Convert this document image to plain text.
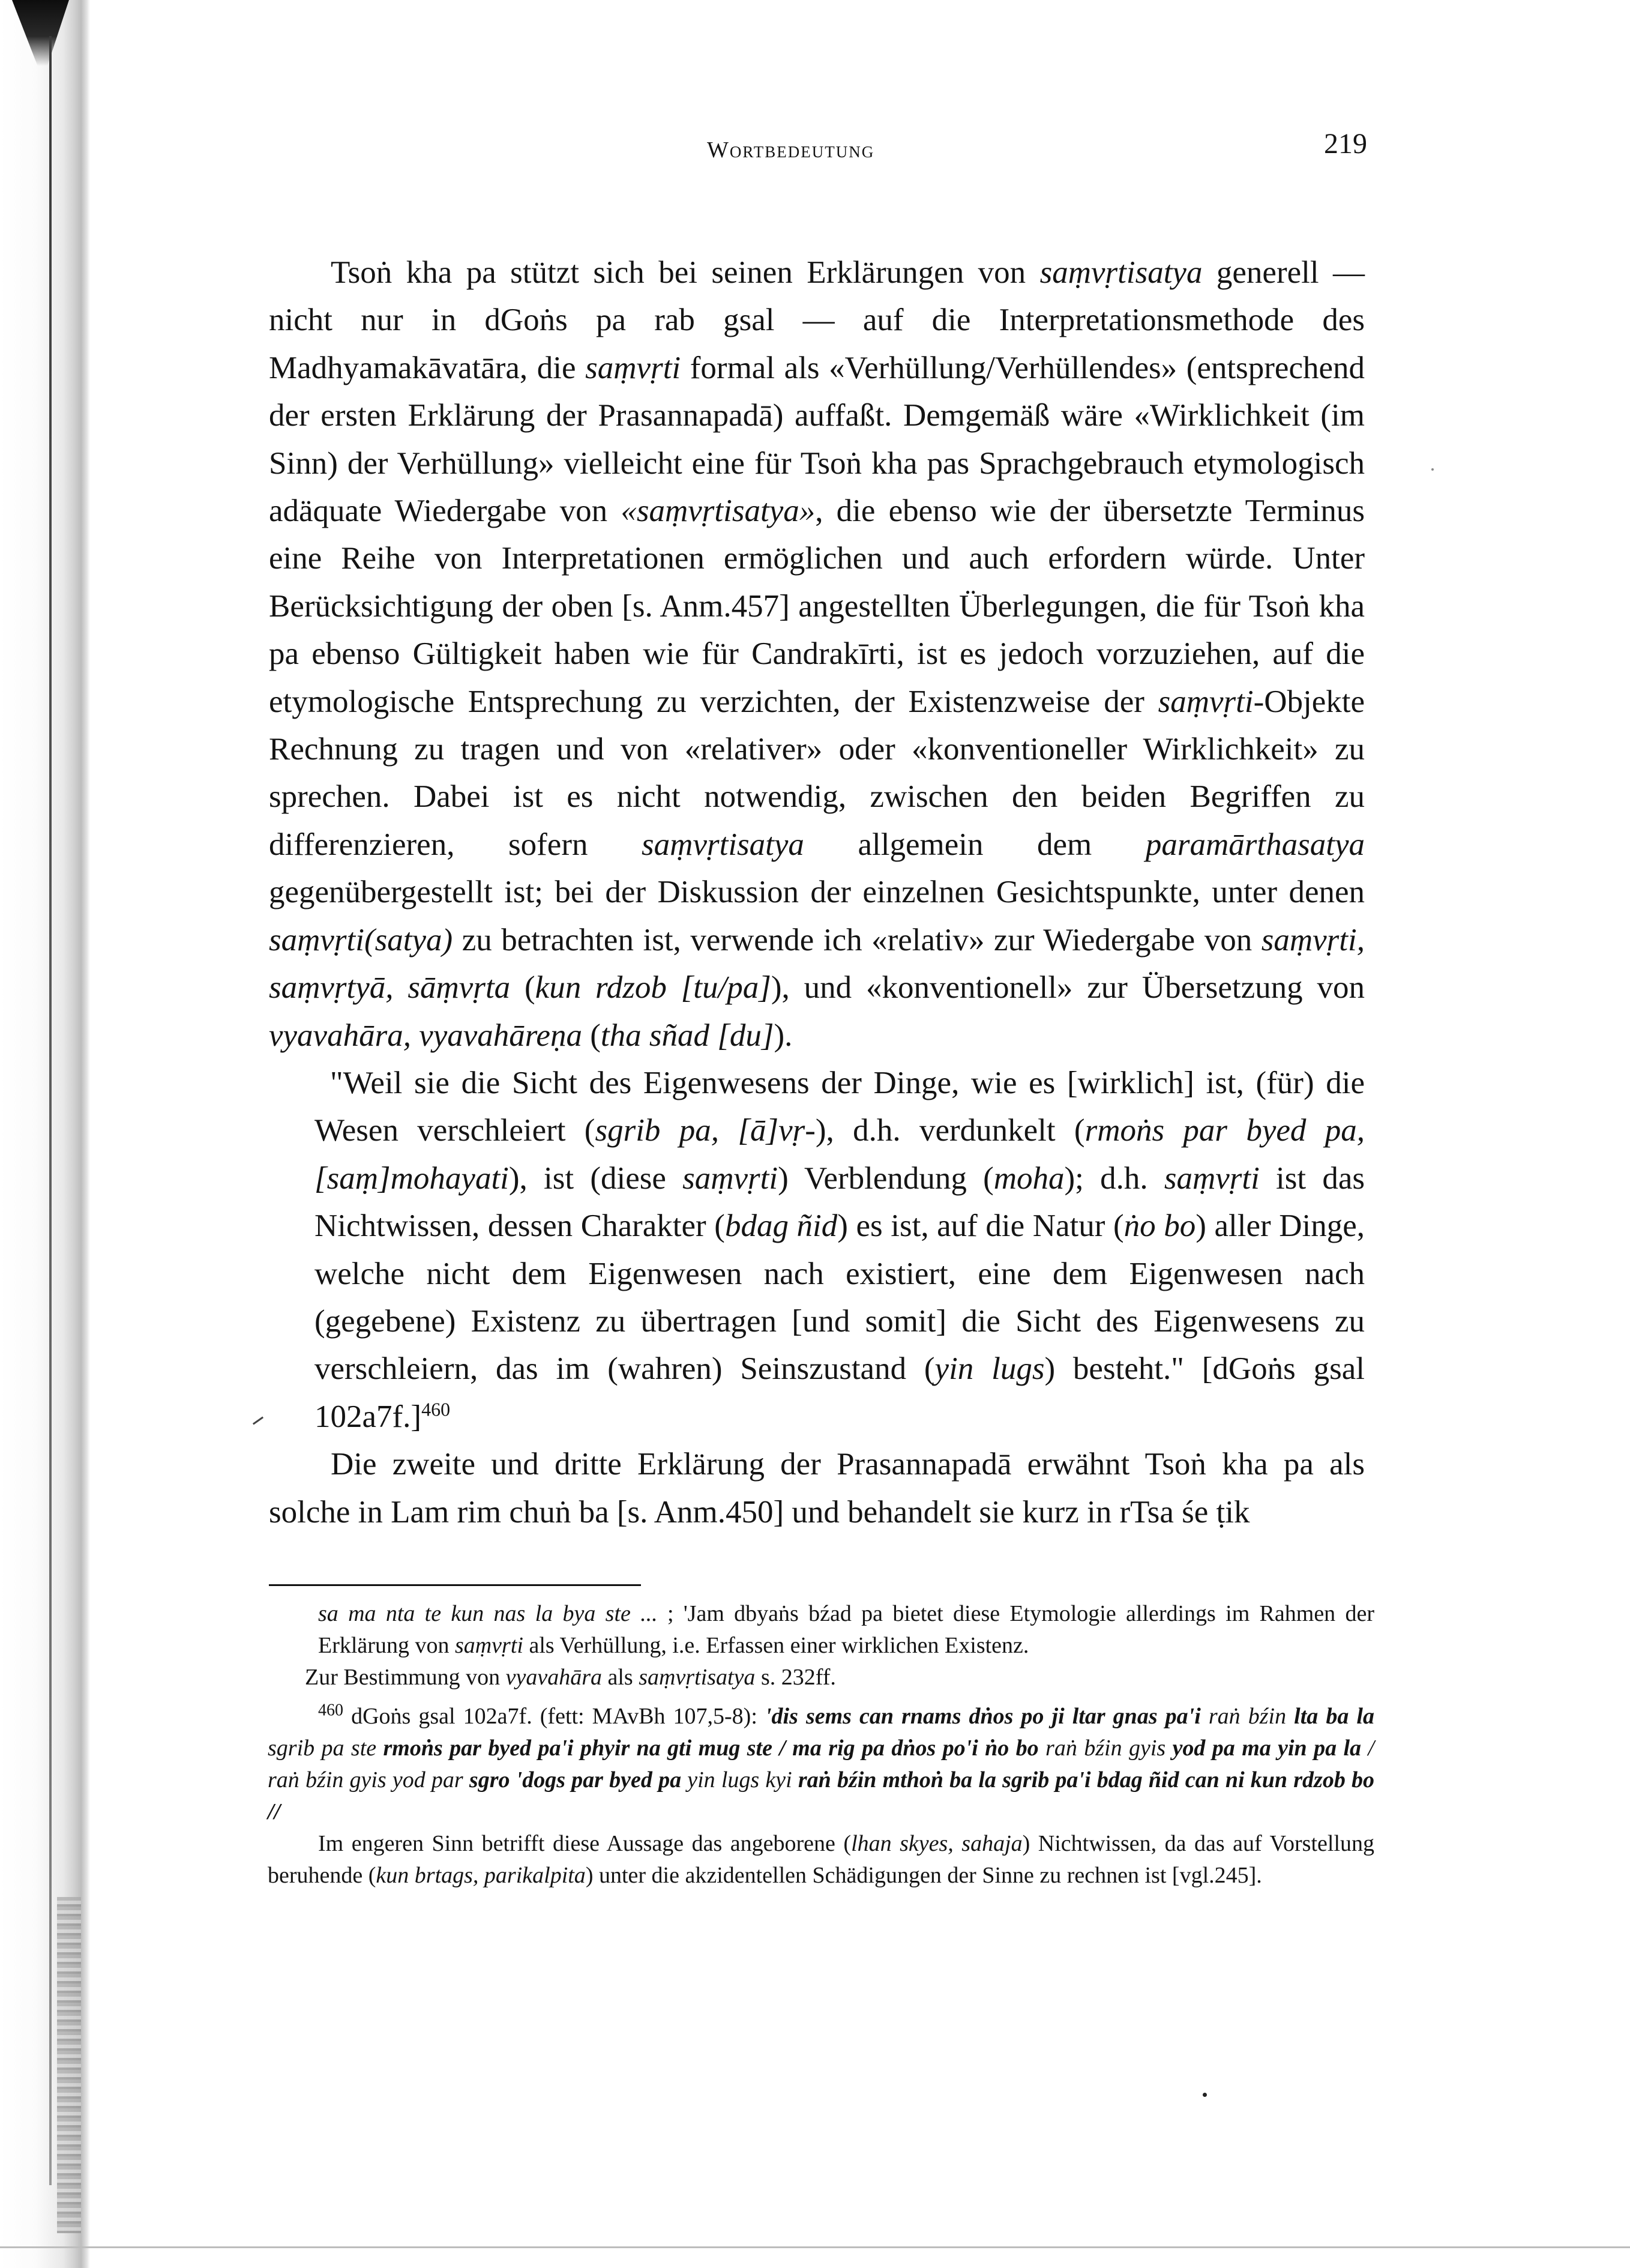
Wortbedeutung	219

Tsoṅ kha pa stützt sich bei seinen Erklärungen von saṃvṛtisatya generell — nicht nur in dGoṅs pa rab gsal — auf die Interpretationsmethode des Madhyamakāvatāra, die saṃvṛti formal als «Verhüllung/Verhüllendes» (entsprechend der ersten Erklärung der Prasannapadā) auffaßt. Demgemäß wäre «Wirklichkeit (im Sinn) der Verhüllung» vielleicht eine für Tsoṅ kha pas Sprachgebrauch etymologisch adäquate Wiedergabe von «saṃvṛtisatya», die ebenso wie der übersetzte Terminus eine Reihe von Interpretationen ermöglichen und auch erfordern würde. Unter Berücksichtigung der oben [s. Anm.457] angestellten Überlegungen, die für Tsoṅ kha pa ebenso Gültigkeit haben wie für Candrakīrti, ist es jedoch vorzuziehen, auf die etymologische Entsprechung zu verzichten, der Existenzweise der saṃvṛti-Objekte Rechnung zu tragen und von «relativer» oder «konventioneller Wirklichkeit» zu sprechen. Dabei ist es nicht notwendig, zwischen den beiden Begriffen zu differenzieren, sofern saṃvṛtisatya allgemein dem paramārthasatya gegenübergestellt ist; bei der Diskussion der einzelnen Gesichtspunkte, unter denen saṃvṛti(satya) zu betrachten ist, verwende ich «relativ» zur Wiedergabe von saṃvṛti, saṃvṛtyā, sāṃvṛta (kun rdzob [tu/pa]), und «konventionell» zur Übersetzung von vyavahāra, vyavahāreṇa (tha sñad [du]).

"Weil sie die Sicht des Eigenwesens der Dinge, wie es [wirklich] ist, (für) die Wesen verschleiert (sgrib pa, [ā]vṛ-), d.h. verdunkelt (rmoṅs par byed pa, [saṃ]mohayati), ist (diese saṃvṛti) Verblendung (moha); d.h. saṃvṛti ist das Nichtwissen, dessen Charakter (bdag ñid) es ist, auf die Natur (ṅo bo) aller Dinge, welche nicht dem Eigenwesen nach existiert, eine dem Eigenwesen nach (gegebene) Existenz zu übertragen [und somit] die Sicht des Eigenwesens zu verschleiern, das im (wahren) Seinszustand (yin lugs) besteht." [dGoṅs gsal 102a7f.]$^{460}$

Die zweite und dritte Erklärung der Prasannapadā erwähnt Tsoṅ kha pa als solche in Lam rim chuṅ ba [s. Anm.450] und behandelt sie kurz in rTsa śe ṭik

sa ma nta te kun nas la bya ste ... ; 'Jam dbyaṅs bźad pa bietet diese Etymologie allerdings im Rahmen der Erklärung von saṃvṛti als Verhüllung, i.e. Erfassen einer wirklichen Existenz.

Zur Bestimmung von vyavahāra als saṃvṛtisatya s. 232ff.

$^{460}$ dGoṅs gsal 102a7f. (fett: MAvBh 107,5-8): 'dis sems can rnams dṅos po ji ltar gnas pa'i raṅ bźin lta ba la sgrib pa ste rmoṅs par byed pa'i phyir na gti mug ste / ma rig pa dṅos po'i ṅo bo raṅ bźin gyis yod pa ma yin pa la / raṅ bźin gyis yod par sgro 'dogs par byed pa yin lugs kyi raṅ bźin mthoṅ ba la sgrib pa'i bdag ñid can ni kun rdzob bo //

Im engeren Sinn betrifft diese Aussage das angeborene (lhan skyes, sahaja) Nichtwissen, da das auf Vorstellung beruhende (kun brtags, parikalpita) unter die akzidentellen Schädigungen der Sinne zu rechnen ist [vgl.245].
